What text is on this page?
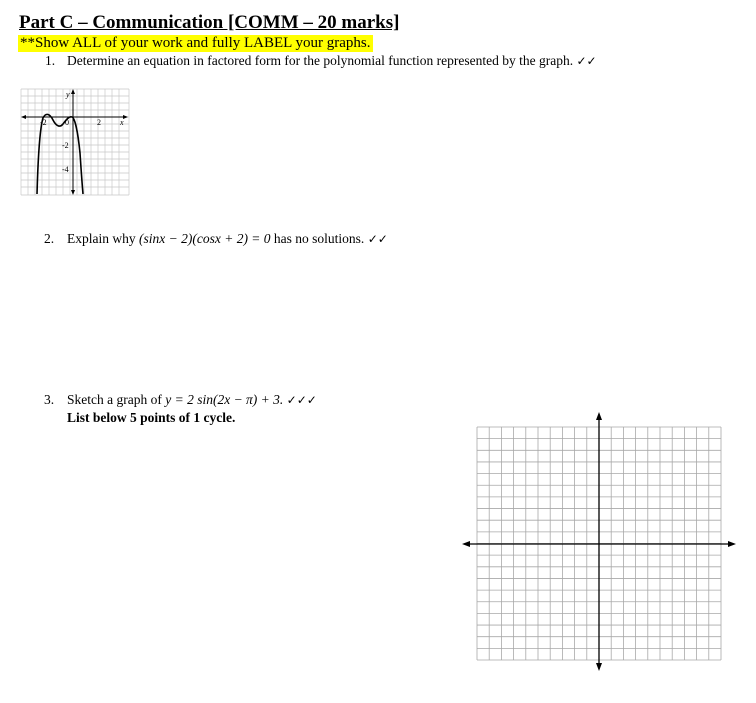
Part C – Communication [COMM – 20 marks]
**Show ALL of your work and fully LABEL your graphs.
1. Determine an equation in factored form for the polynomial function represented by the graph. ✓✓
y
x
-2 0	2
-2
-4
2. Explain why (sinx − 2)(cosx + 2) = 0 has no solutions. ✓✓
3. Sketch a graph of y = 2 sin(2x − π) + 3. ✓✓✓
List below 5 points of 1 cycle.
